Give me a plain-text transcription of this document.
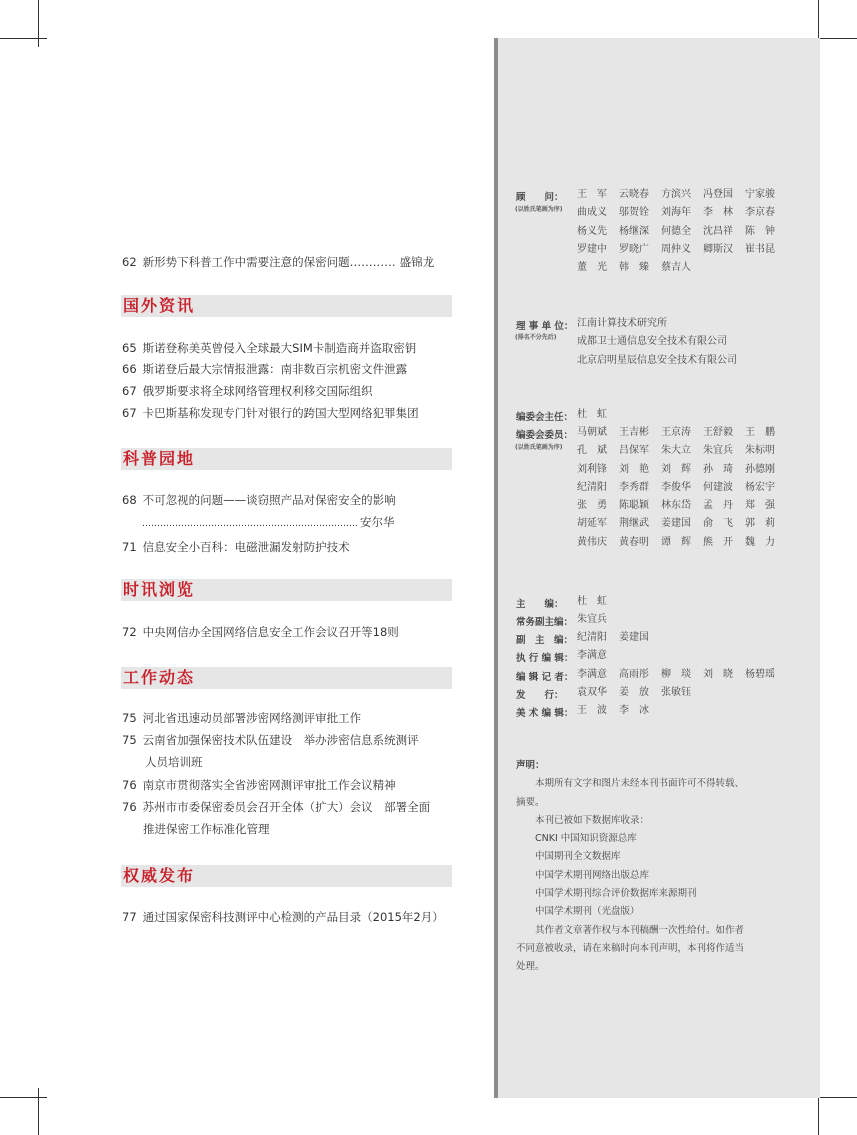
62 新形势下科普工作中需要注意的保密问题………… 盛锦龙
国外资讯
65 斯诺登称美英曾侵入全球最大SIM卡制造商并盗取密钥
66 斯诺登后最大宗情报泄露：南非数百宗机密文件泄露
67 俄罗斯要求将全球网络管理权利移交国际组织
67 卡巴斯基称发现专门针对银行的跨国大型网络犯罪集团
科普园地
68 不可忽视的问题——谈窃照产品对保密安全的影响
……………………………………………………………… 安尔华
71 信息安全小百科：电磁泄漏发射防护技术
时讯浏览
72 中央网信办全国网络信息安全工作会议召开等18则
工作动态
75 河北省迅速动员部署涉密网络测评审批工作
75 云南省加强保密技术队伍建设　举办涉密信息系统测评
人员培训班
76 南京市贯彻落实全省涉密网测评审批工作会议精神
76 苏州市市委保密委员会召开全体（扩大）会议　部署全面
推进保密工作标准化管理
权威发布
77 通过国家保密科技测评中心检测的产品目录（2015年2月）
顾　　问：
(以姓氏笔画为序)
王　军 云晓春 方滨兴 冯登国 宁家骏
曲成义 邬贺铨 刘海年 李　林 李京春
杨义先 杨继深 何德全 沈昌祥 陈　钟
罗建中 罗晓广 周仲义 卿斯汉 崔书昆
董　光 韩　臻 蔡吉人
理 事 单 位：
(排名不分先后)
江南计算技术研究所
成都卫士通信息安全技术有限公司
北京启明星辰信息安全技术有限公司
编委会主任： 杜　虹
编委会委员：
(以姓氏笔画为序)
马朝斌 王吉彬 王京涛 王舒毅 王　鹏
孔　斌 吕保军 朱大立 朱宜兵 朱标明
刘利锋 刘　艳 刘　辉 孙　琦 孙德刚
纪清阳 李秀群 李俊华 何建波 杨宏宇
张　勇 陈聪颖 林东岱 孟　丹 郑　强
胡延军 荆继武 姜建国 俞　飞 郭　莉
黄伟庆 黄春明 谭　辉 熊　开 魏　力
主　　编： 杜　虹
常务副主编： 朱宜兵
副　主　编： 纪清阳 姜建国
执 行 编 辑： 李满意
编 辑 记 者： 李满意 高雨彤 柳　琰 刘　晓 杨碧瑶
发　　行： 袁双华 姜　放 张敏钰
美 术 编 辑： 王　波 李　冰
声明：
　　本期所有文字和图片未经本刊书面许可不得转载、
摘要。
　　本刊已被如下数据库收录：
　　CNKI 中国知识资源总库
　　中国期刊全文数据库
　　中国学术期刊网络出版总库
　　中国学术期刊综合评价数据库来源期刊
　　中国学术期刊（光盘版）
　　其作者文章著作权与本刊稿酬一次性给付。如作者
不同意被收录，请在来稿时向本刊声明，本刊将作适当
处理。
